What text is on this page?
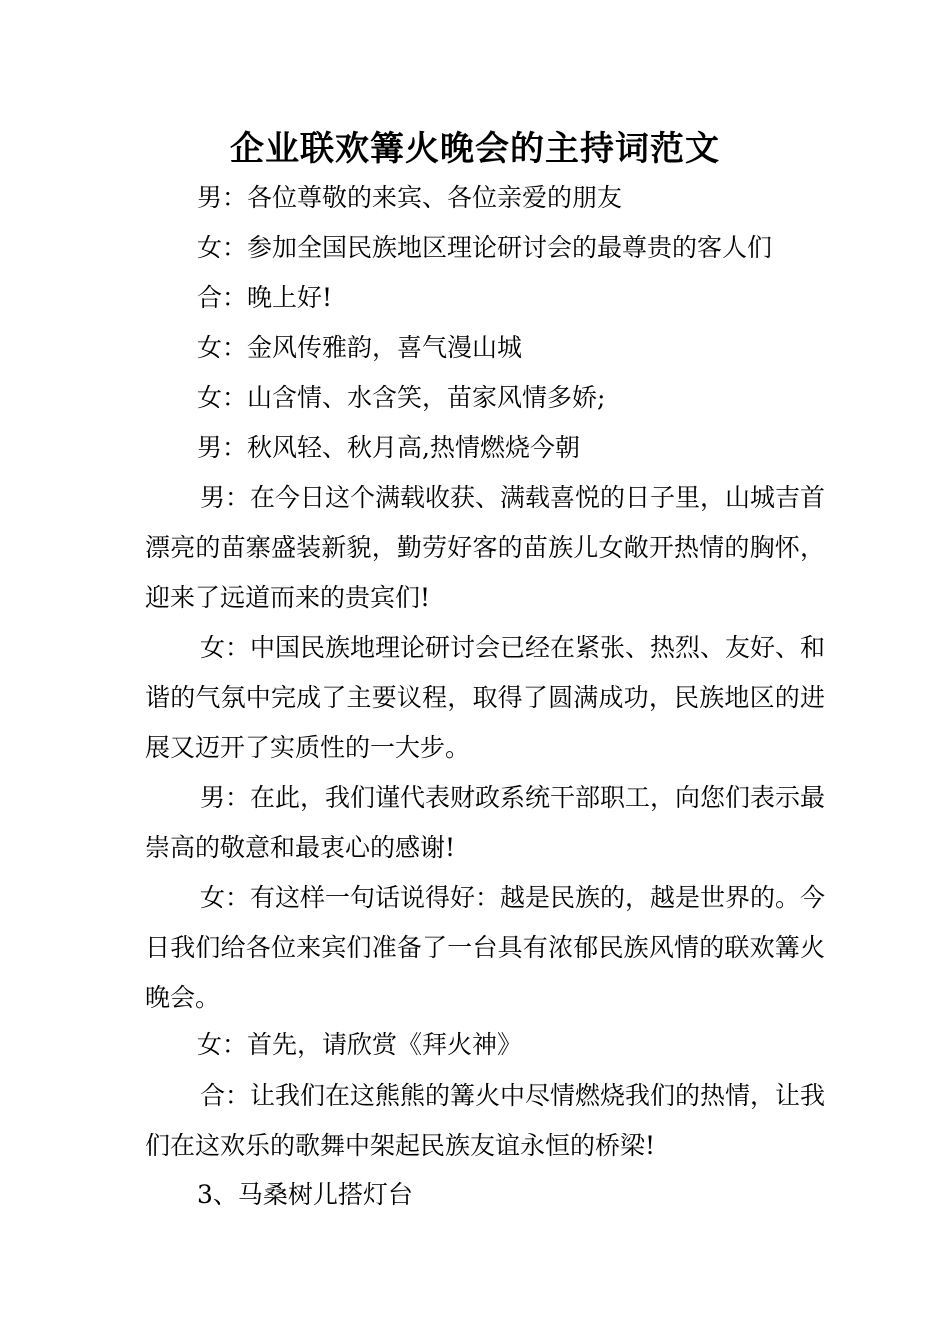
企业联欢篝火晚会的主持词范文
男：各位尊敬的来宾、各位亲爱的朋友
女：参加全国民族地区理论研讨会的最尊贵的客人们
合：晚上好!
女：金风传雅韵，喜气漫山城
女：山含情、水含笑，苗家风情多娇;
男：秋风轻、秋月高,热情燃烧今朝
男：在今日这个满载收获、满载喜悦的日子里，山城吉首漂亮的苗寨盛装新貌，勤劳好客的苗族儿女敞开热情的胸怀，迎来了远道而来的贵宾们!
女：中国民族地理论研讨会已经在紧张、热烈、友好、和谐的气氛中完成了主要议程，取得了圆满成功，民族地区的进展又迈开了实质性的一大步。
男：在此，我们谨代表财政系统干部职工，向您们表示最崇高的敬意和最衷心的感谢!
女：有这样一句话说得好：越是民族的，越是世界的。今日我们给各位来宾们准备了一台具有浓郁民族风情的联欢篝火晚会。
女：首先，请欣赏《拜火神》
合：让我们在这熊熊的篝火中尽情燃烧我们的热情，让我们在这欢乐的歌舞中架起民族友谊永恒的桥梁!
3、马桑树儿搭灯台
